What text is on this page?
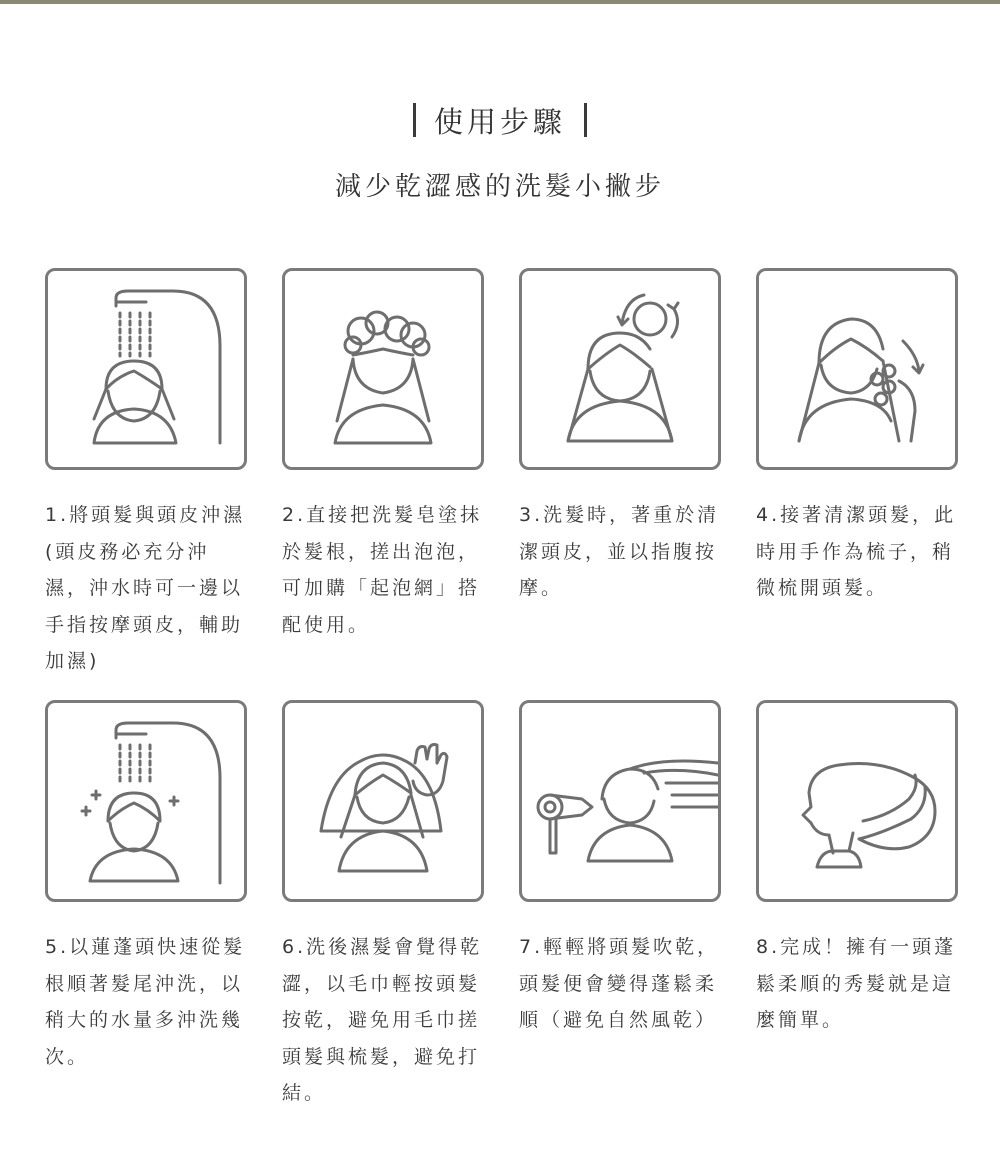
使用步驟
減少乾澀感的洗髮小撇步
1.將頭髮與頭皮沖濕(頭皮務必充分沖濕，沖水時可一邊以手指按摩頭皮，輔助加濕)
2.直接把洗髮皂塗抹於髮根，搓出泡泡，可加購「起泡網」搭配使用。
3.洗髮時，著重於清潔頭皮，並以指腹按摩。
4.接著清潔頭髮，此時用手作為梳子，稍微梳開頭髮。
5.以蓮蓬頭快速從髮根順著髮尾沖洗，以稍大的水量多沖洗幾次。
6.洗後濕髮會覺得乾澀，以毛巾輕按頭髮按乾，避免用毛巾搓頭髮與梳髮，避免打結。
7.輕輕將頭髮吹乾，頭髮便會變得蓬鬆柔順（避免自然風乾）
8.完成！擁有一頭蓬鬆柔順的秀髮就是這麼簡單。
